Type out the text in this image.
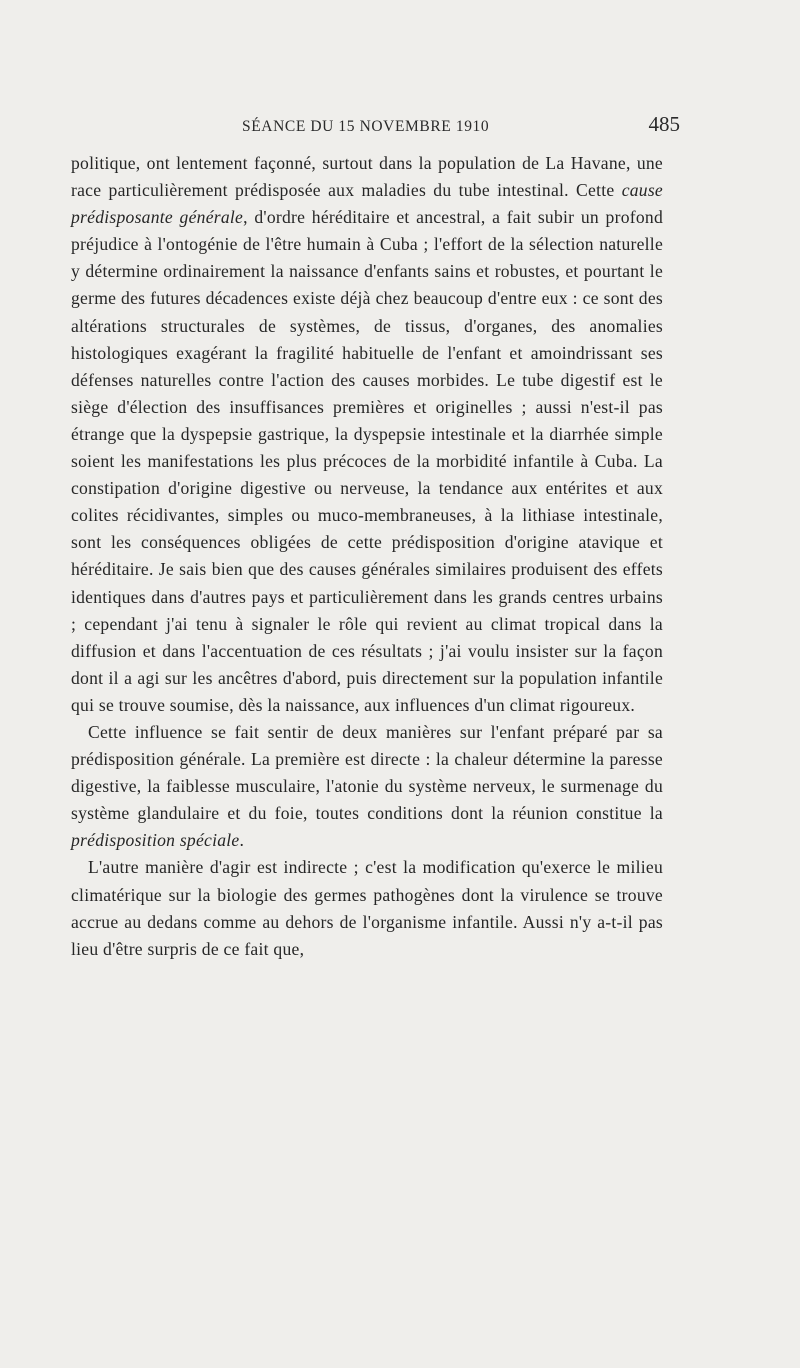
SÉANCE DU 15 NOVEMBRE 1910	485

politique, ont lentement façonné, surtout dans la population de La Havane, une race particulièrement prédisposée aux maladies du tube intestinal. Cette cause prédisposante générale, d'ordre héréditaire et ancestral, a fait subir un profond préjudice à l'ontogénie de l'être humain à Cuba ; l'effort de la sélection naturelle y détermine ordinairement la naissance d'enfants sains et robustes, et pourtant le germe des futures décadences existe déjà chez beaucoup d'entre eux : ce sont des altérations structurales de systèmes, de tissus, d'organes, des anomalies histologiques exagérant la fragilité habituelle de l'enfant et amoindrissant ses défenses naturelles contre l'action des causes morbides. Le tube digestif est le siège d'élection des insuffisances premières et originelles ; aussi n'est-il pas étrange que la dyspepsie gastrique, la dyspepsie intestinale et la diarrhée simple soient les manifestations les plus précoces de la morbidité infantile à Cuba. La constipation d'origine digestive ou nerveuse, la tendance aux entérites et aux colites récidivantes, simples ou muco-membraneuses, à la lithiase intestinale, sont les conséquences obligées de cette prédisposition d'origine atavique et héréditaire. Je sais bien que des causes générales similaires produisent des effets identiques dans d'autres pays et particulièrement dans les grands centres urbains ; cependant j'ai tenu à signaler le rôle qui revient au climat tropical dans la diffusion et dans l'accentuation de ces résultats ; j'ai voulu insister sur la façon dont il a agi sur les ancêtres d'abord, puis directement sur la population infantile qui se trouve soumise, dès la naissance, aux influences d'un climat rigoureux.

Cette influence se fait sentir de deux manières sur l'enfant préparé par sa prédisposition générale. La première est directe : la chaleur détermine la paresse digestive, la faiblesse musculaire, l'atonie du système nerveux, le surmenage du système glandulaire et du foie, toutes conditions dont la réunion constitue la prédisposition spéciale.

L'autre manière d'agir est indirecte ; c'est la modification qu'exerce le milieu climatérique sur la biologie des germes pathogènes dont la virulence se trouve accrue au dedans comme au dehors de l'organisme infantile. Aussi n'y a-t-il pas lieu d'être surpris de ce fait que,
